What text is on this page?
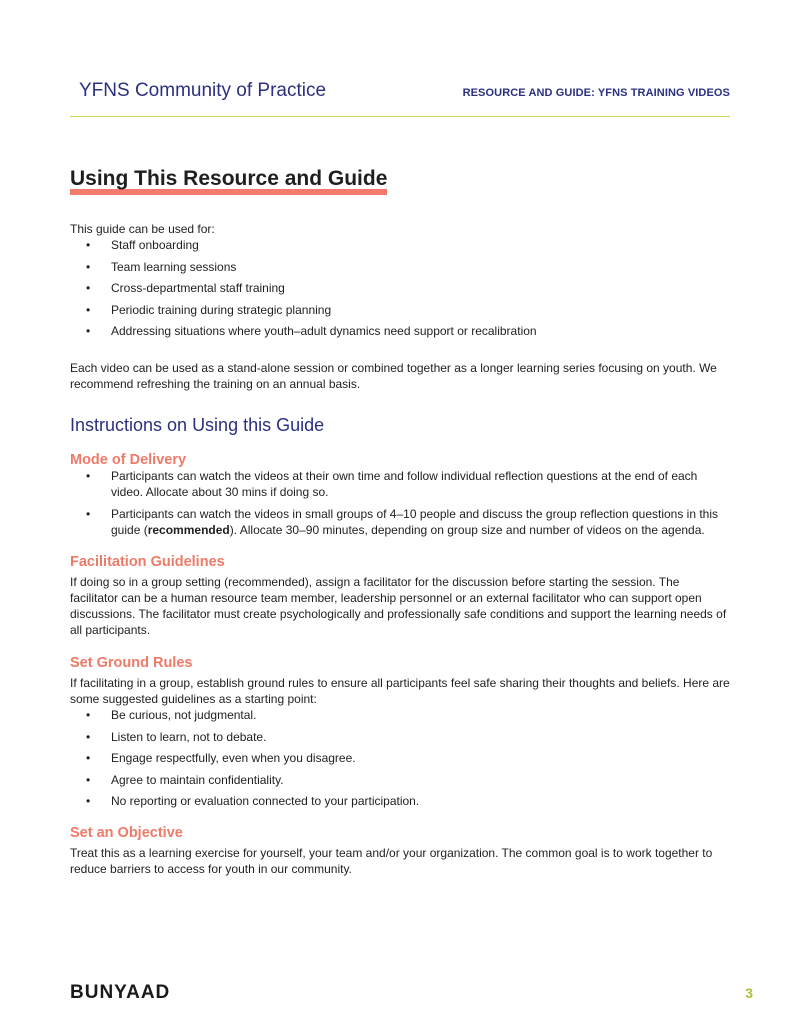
YFNS Community of Practice	RESOURCE AND GUIDE: YFNS TRAINING VIDEOS
Using This Resource and Guide

This guide can be used for:

• Staff onboarding
• Team learning sessions
• Cross-departmental staff training
• Periodic training during strategic planning
• Addressing situations where youth–adult dynamics need support or recalibration

Each video can be used as a stand-alone session or combined together as a longer learning series focusing on youth. We recommend refreshing the training on an annual basis.

Instructions on Using this Guide
Mode of Delivery
• Participants can watch the videos at their own time and follow individual reflection questions at the end of each video. Allocate about 30 mins if doing so.
• Participants can watch the videos in small groups of 4–10 people and discuss the group reflection questions in this guide (recommended). Allocate 30–90 minutes, depending on group size and number of videos on the agenda.
Facilitation Guidelines

If doing so in a group setting (recommended), assign a facilitator for the discussion before starting the session. The facilitator can be a human resource team member, leadership personnel or an external facilitator who can support open discussions. The facilitator must create psychologically and professionally safe conditions and support the learning needs of all participants.

Set Ground Rules

If facilitating in a group, establish ground rules to ensure all participants feel safe sharing their thoughts and beliefs. Here are some suggested guidelines as a starting point:

• Be curious, not judgmental.
• Listen to learn, not to debate.
• Engage respectfully, even when you disagree.
• Agree to maintain confidentiality.
• No reporting or evaluation connected to your participation.
Set an Objective

Treat this as a learning exercise for yourself, your team and/or your organization. The common goal is to work together to reduce barriers to access for youth in our community.

BUNYAAD	3
